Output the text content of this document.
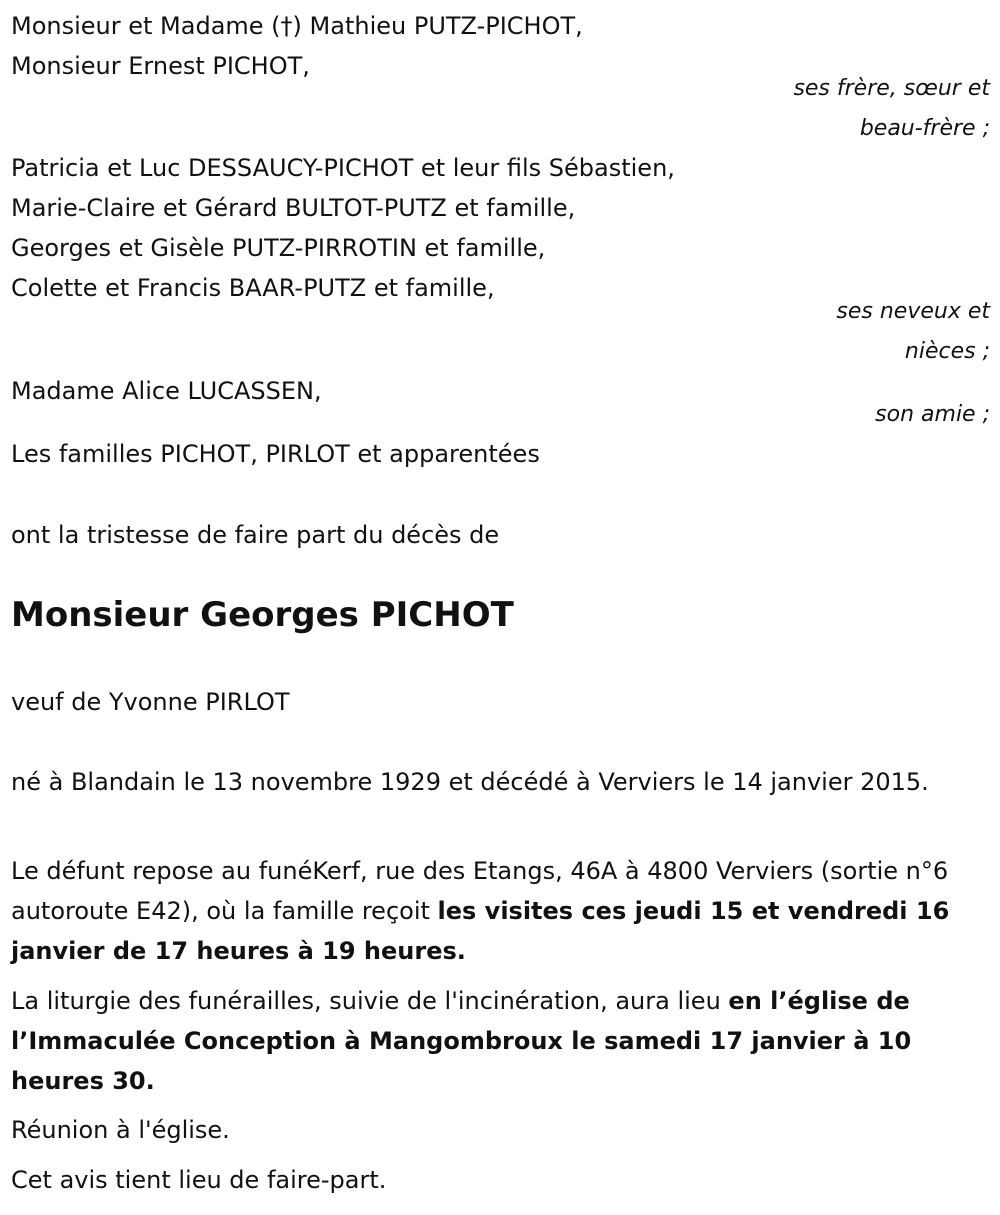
Monsieur et Madame (†) Mathieu PUTZ-PICHOT,
Monsieur Ernest PICHOT,
ses frère, sœur et
beau-frère ;
Patricia et Luc DESSAUCY-PICHOT et leur fils Sébastien,
Marie-Claire et Gérard BULTOT-PUTZ et famille,
Georges et Gisèle PUTZ-PIRROTIN et famille,
Colette et Francis BAAR-PUTZ et famille,
ses neveux et
nièces ;
Madame Alice LUCASSEN,
son amie ;
Les familles PICHOT, PIRLOT et apparentées
ont la tristesse de faire part du décès de
Monsieur Georges PICHOT
veuf de Yvonne PIRLOT
né à Blandain le 13 novembre 1929 et décédé à Verviers le 14 janvier 2015.
Le défunt repose au funéKerf, rue des Etangs, 46A à 4800 Verviers (sortie n°6 autoroute E42), où la famille reçoit les visites ces jeudi 15 et vendredi 16 janvier de 17 heures à 19 heures.
La liturgie des funérailles, suivie de l'incinération, aura lieu en l’église de l’Immaculée Conception à Mangombroux le samedi 17 janvier à 10 heures 30.
Réunion à l'église.
Cet avis tient lieu de faire-part.
